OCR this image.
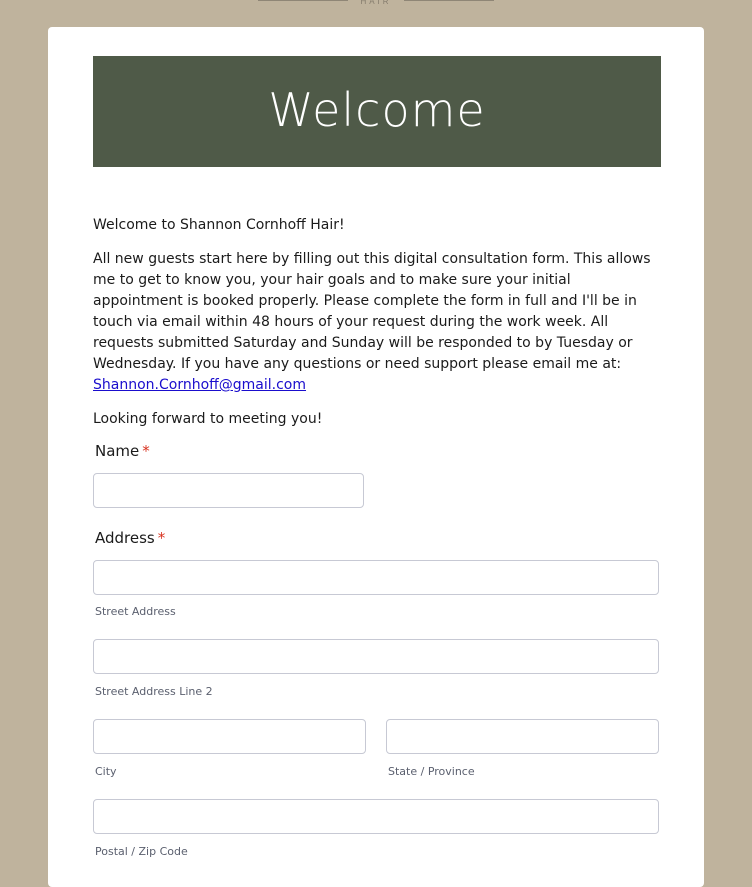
HAIR
Welcome

Welcome to Shannon Cornhoff Hair!

All new guests start here by filling out this digital consultation form. This allows me to get to know you, your hair goals and to make sure your initial appointment is booked properly. Please complete the form in full and I'll be in touch via email within 48 hours of your request during the work week. All requests submitted Saturday and Sunday will be responded to by Tuesday or Wednesday. If you have any questions or need support please email me at: Shannon.Cornhoff@gmail.com

Looking forward to meeting you!

Name *
Address *
Street Address
Street Address Line 2
City	State / Province
Postal / Zip Code
